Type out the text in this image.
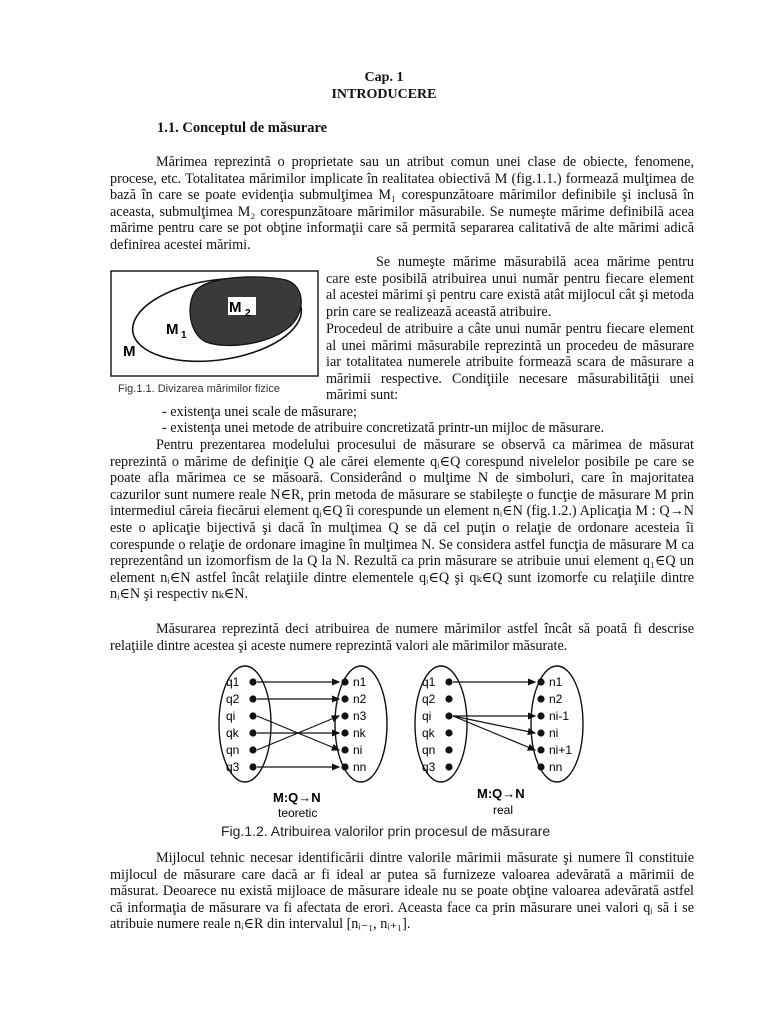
Cap. 1
INTRODUCERE
1.1. Conceptul de măsurare

Mărimea reprezintă o proprietate sau un atribut comun unei clase de obiecte, fenomene, procese, etc. Totalitatea mărimilor implicate în realitatea obiectivă M (fig.1.1.) formează mulţimea de bază în care se poate evidenţia submulţimea M₁ corespunzătoare mărimilor definibile şi inclusă în aceasta, submulţimea M₂ corespunzătoare mărimilor măsurabile. Se numeşte mărime definibilă acea mărime pentru care se pot obţine informaţii care să permită separarea calitativă de alte mărimi adică definirea acestei mărimi.

M 2
M 1
M
Fig.1.1. Divizarea mărimilor fizice

Se numeşte mărime măsurabilă acea mărime pentru care este posibilă atribuirea unui număr pentru fiecare element al acestei mărimi şi pentru care există atât mijlocul cât şi metoda prin care se realizează această atribuire.

Procedeul de atribuire a câte unui număr pentru fiecare element al unei mărimi măsurabile reprezintă un procedeu de măsurare iar totalitatea numerele atribuite formează scara de măsurare a mărimii respective. Condiţiile necesare măsurabilităţii unei mărimi sunt:

- existenţa unei scale de măsurare;
- existenţa unei metode de atribuire concretizată printr-un mijloc de măsurare.

Pentru prezentarea modelului procesului de măsurare se observă ca mărimea de măsurat reprezintă o mărime de definiţie Q ale cărei elemente qᵢ∈Q corespund nivelelor posibile pe care se poate afla mărimea ce se măsoară. Considerând o mulţime N de simboluri, care în majoritatea cazurilor sunt numere reale N∈R, prin metoda de măsurare se stabileşte o funcţie de măsurare M prin intermediul căreia fiecărui element qᵢ∈Q îi corespunde un element nᵢ∈N (fig.1.2.) Aplicaţia M : Q→N este o aplicaţie bijectivă şi dacă în mulţimea Q se dă cel puţin o relaţie de ordonare acesteia îi corespunde o relaţie de ordonare imagine în mulţimea N. Se considera astfel funcţia de măsurare M ca reprezentând un izomorfism de la Q la N. Rezultă ca prin măsurare se atribuie unui element q₁∈Q un element nᵢ∈N astfel încât relaţiile dintre elementele qᵢ∈Q şi qₖ∈Q sunt izomorfe cu relaţiile dintre nᵢ∈N şi respectiv nₖ∈N.

Măsurarea reprezintă deci atribuirea de numere mărimilor astfel încât să poată fi descrise relaţiile dintre acestea şi aceste numere reprezintă valori ale mărimilor măsurate.

q1
q2
qi
qk
qn
q3
n1
n2
n3
nk
ni
nn
q1
q2
qi
qk
qn
q3
n1
n2
ni-1
ni
ni+1
nn
M:Q→N
teoretic
M:Q→N
real
Fig.1.2. Atribuirea valorilor prin procesul de măsurare

Mijlocul tehnic necesar identificării dintre valorile mărimii măsurate şi numere îl constituie mijlocul de măsurare care dacă ar fi ideal ar putea să furnizeze valoarea adevărată a mărimii de măsurat. Deoarece nu există mijloace de măsurare ideale nu se poate obţine valoarea adevărată astfel că informaţia de măsurare va fi afectata de erori. Aceasta face ca prin măsurare unei valori qᵢ să i se atribuie numere reale nᵢ∈R din intervalul [nᵢ₋₁, nᵢ₊₁].
